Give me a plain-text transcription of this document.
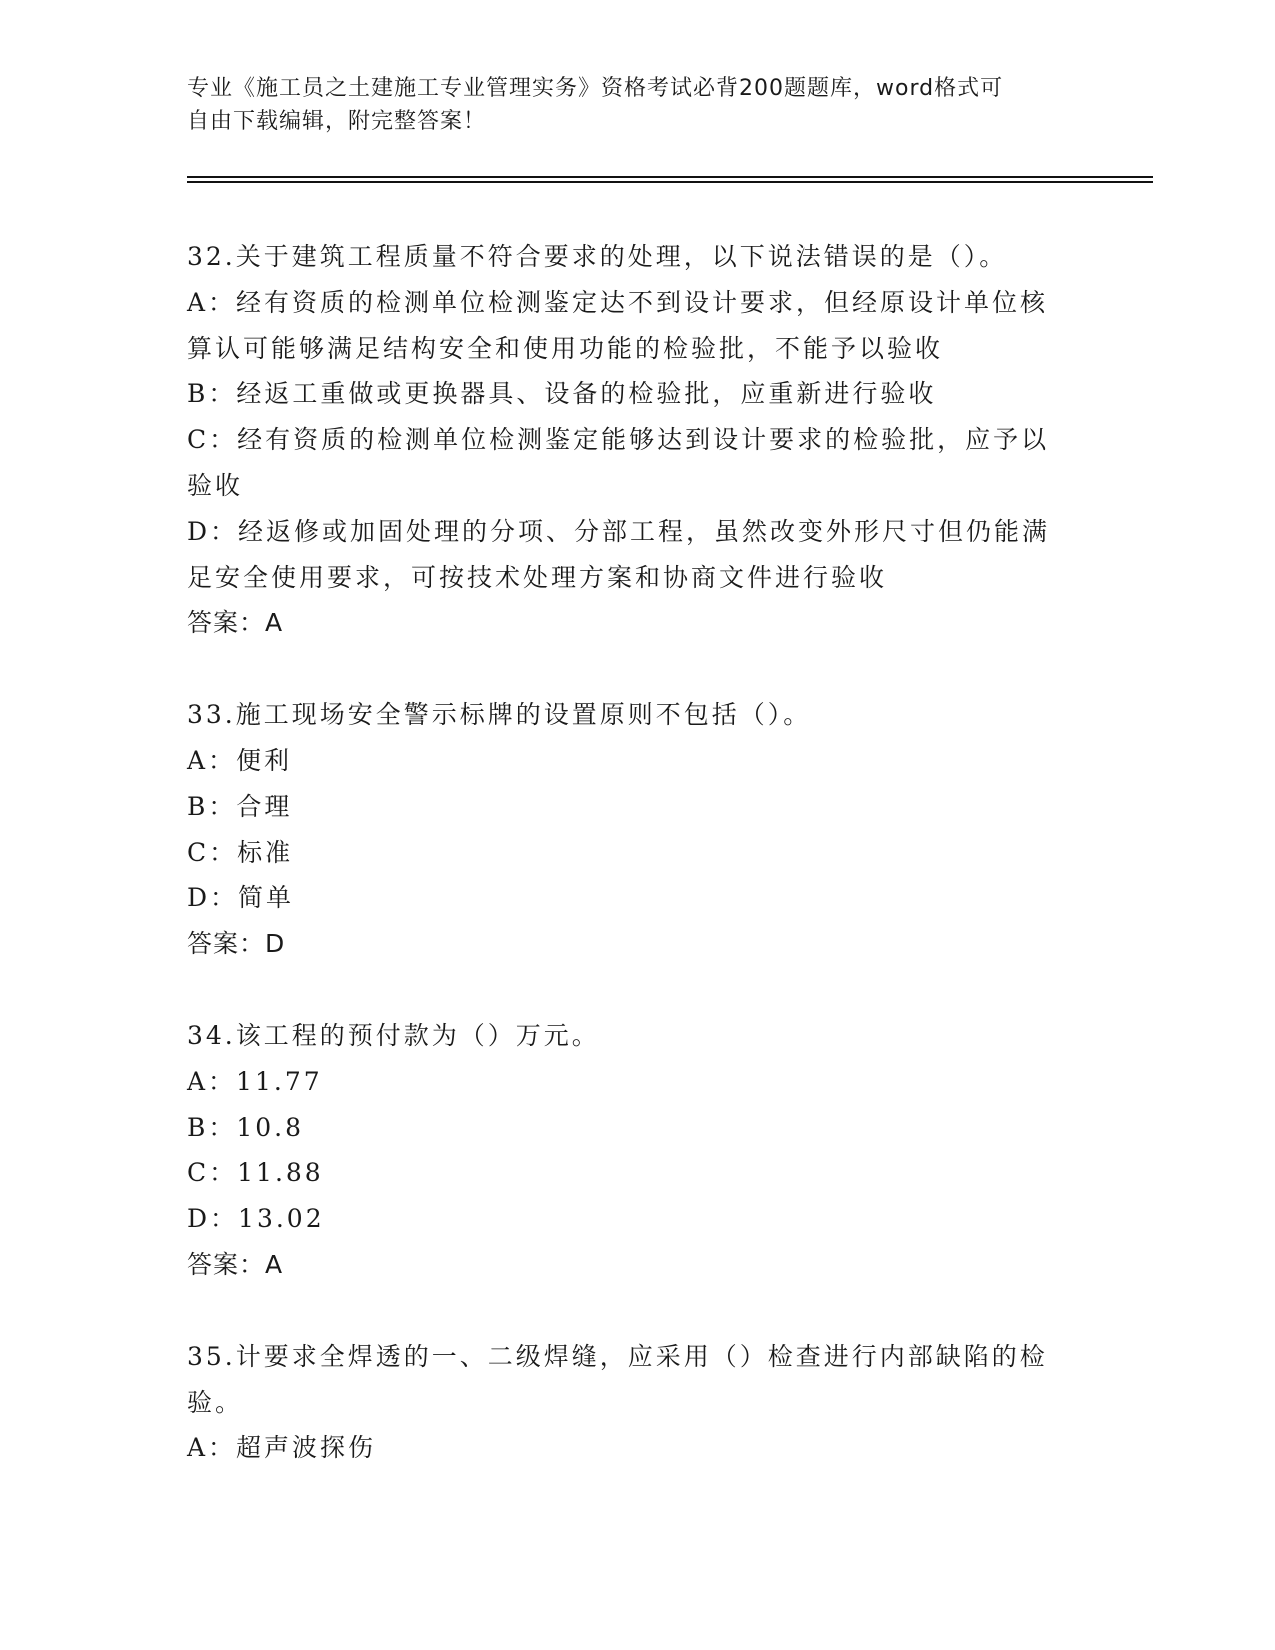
专业《施工员之土建施工专业管理实务》资格考试必背200题题库，word格式可
自由下载编辑，附完整答案！
32.关于建筑工程质量不符合要求的处理，以下说法错误的是（）。
A：经有资质的检测单位检测鉴定达不到设计要求，但经原设计单位核
算认可能够满足结构安全和使用功能的检验批，不能予以验收
B：经返工重做或更换器具、设备的检验批，应重新进行验收
C：经有资质的检测单位检测鉴定能够达到设计要求的检验批，应予以
验收
D：经返修或加固处理的分项、分部工程，虽然改变外形尺寸但仍能满
足安全使用要求，可按技术处理方案和协商文件进行验收
答案：A
33.施工现场安全警示标牌的设置原则不包括（）。
A：便利
B：合理
C：标准
D：简单
答案：D
34.该工程的预付款为（）万元。
A：11.77
B：10.8
C：11.88
D：13.02
答案：A
35.计要求全焊透的一、二级焊缝，应采用（）检查进行内部缺陷的检
验。
A：超声波探伤
